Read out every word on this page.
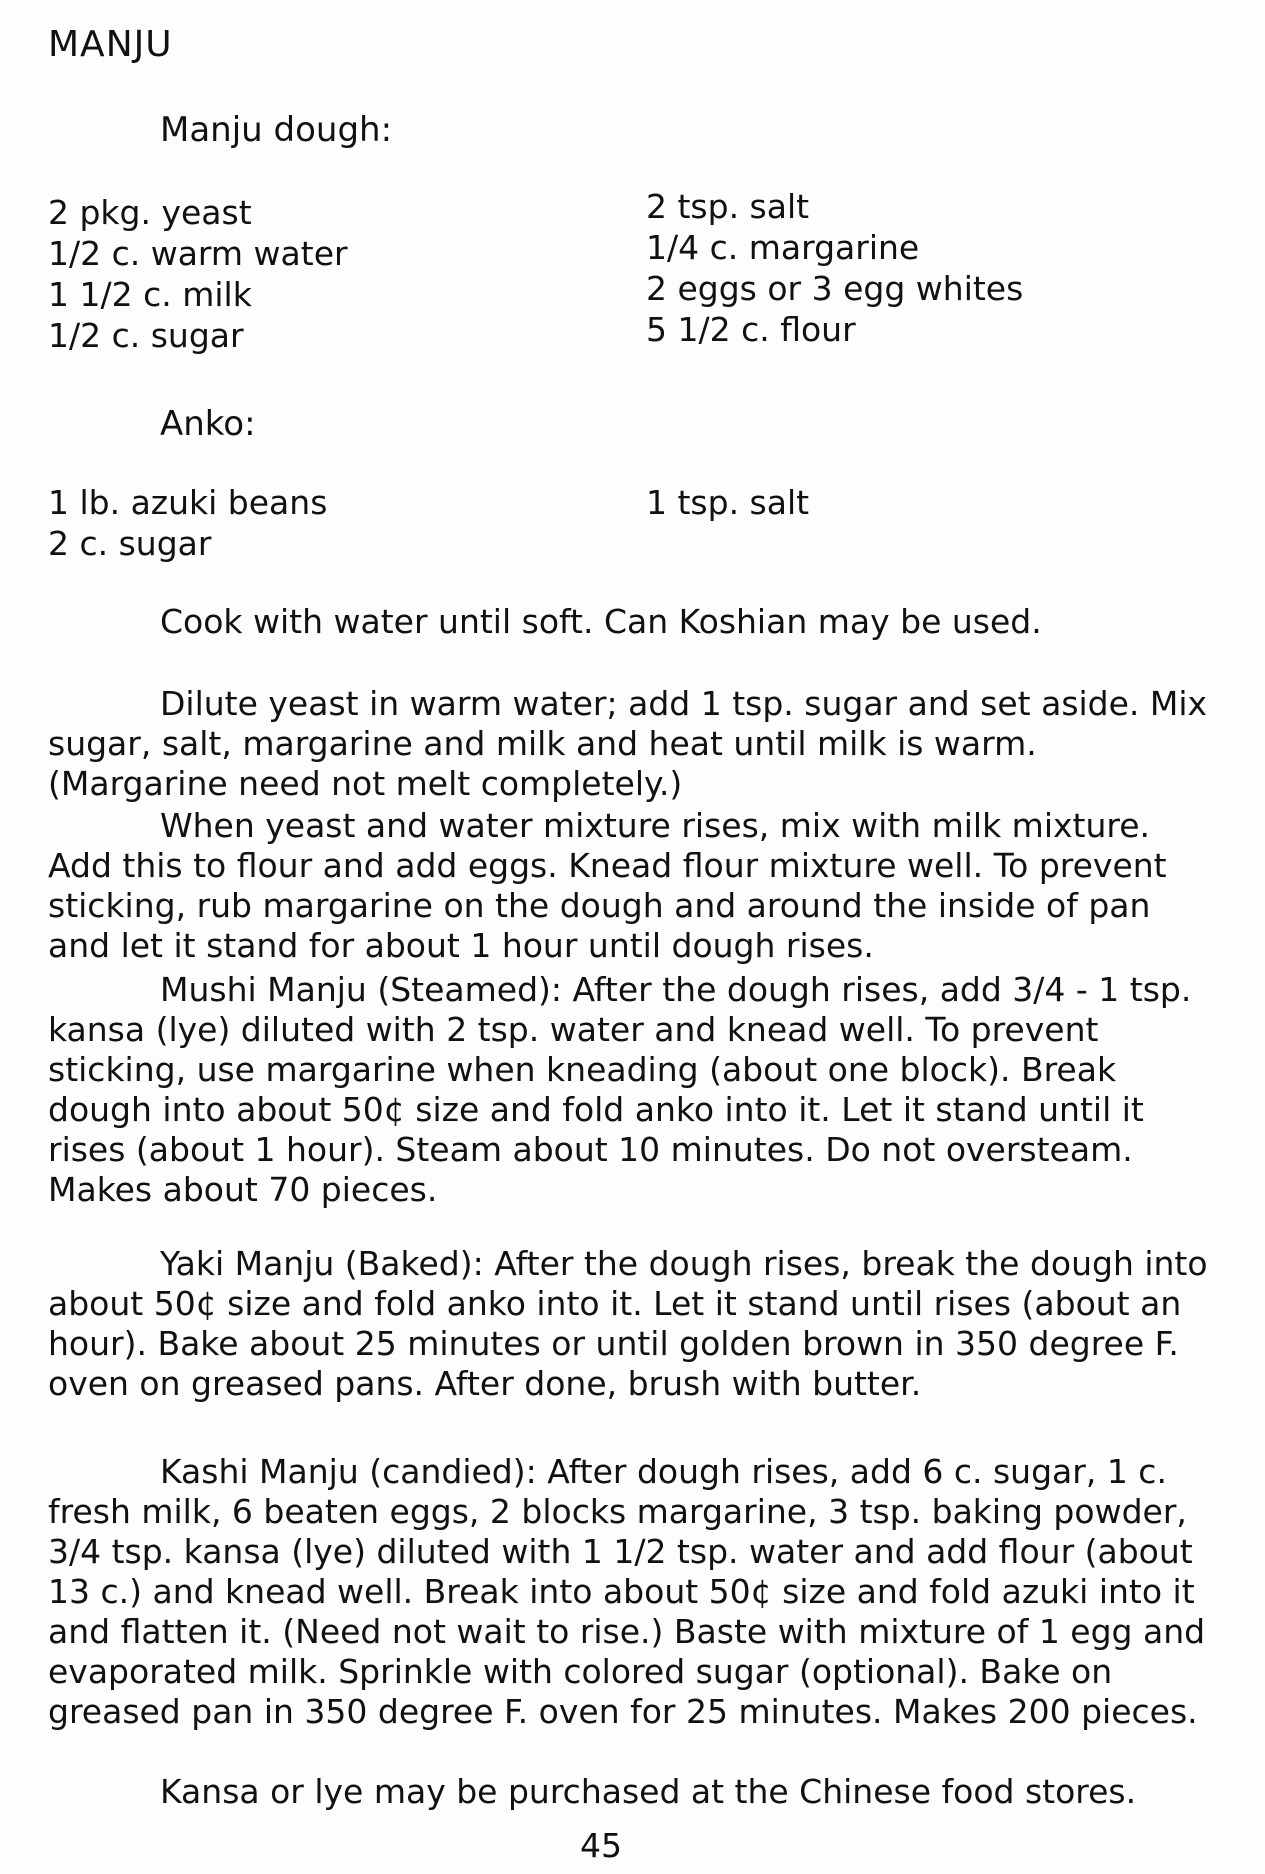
MANJU
Manju dough:
2 pkg. yeast
1/2 c. warm water
1 1/2 c. milk
1/2 c. sugar
2 tsp. salt
1/4 c. margarine
2 eggs or 3 egg whites
5 1/2 c. flour
Anko:
1 lb. azuki beans
2 c. sugar
1 tsp. salt

Cook with water until soft. Can Koshian may be used.

Dilute yeast in warm water; add 1 tsp. sugar and set aside. Mix sugar, salt, margarine and milk and heat until milk is warm. (Margarine need not melt completely.)

When yeast and water mixture rises, mix with milk mixture. Add this to flour and add eggs. Knead flour mixture well. To prevent sticking, rub margarine on the dough and around the inside of pan and let it stand for about 1 hour until dough rises.

Mushi Manju (Steamed): After the dough rises, add 3/4 - 1 tsp. kansa (lye) diluted with 2 tsp. water and knead well. To prevent sticking, use margarine when kneading (about one block). Break dough into about 50¢ size and fold anko into it. Let it stand until it rises (about 1 hour). Steam about 10 minutes. Do not oversteam. Makes about 70 pieces.

Yaki Manju (Baked): After the dough rises, break the dough into about 50¢ size and fold anko into it. Let it stand until rises (about an hour). Bake about 25 minutes or until golden brown in 350 degree F. oven on greased pans. After done, brush with butter.

Kashi Manju (candied): After dough rises, add 6 c. sugar, 1 c. fresh milk, 6 beaten eggs, 2 blocks margarine, 3 tsp. baking powder, 3/4 tsp. kansa (lye) diluted with 1 1/2 tsp. water and add flour (about 13 c.) and knead well. Break into about 50¢ size and fold azuki into it and flatten it. (Need not wait to rise.) Baste with mixture of 1 egg and evaporated milk. Sprinkle with colored sugar (optional). Bake on greased pan in 350 degree F. oven for 25 minutes. Makes 200 pieces.

Kansa or lye may be purchased at the Chinese food stores.

45
